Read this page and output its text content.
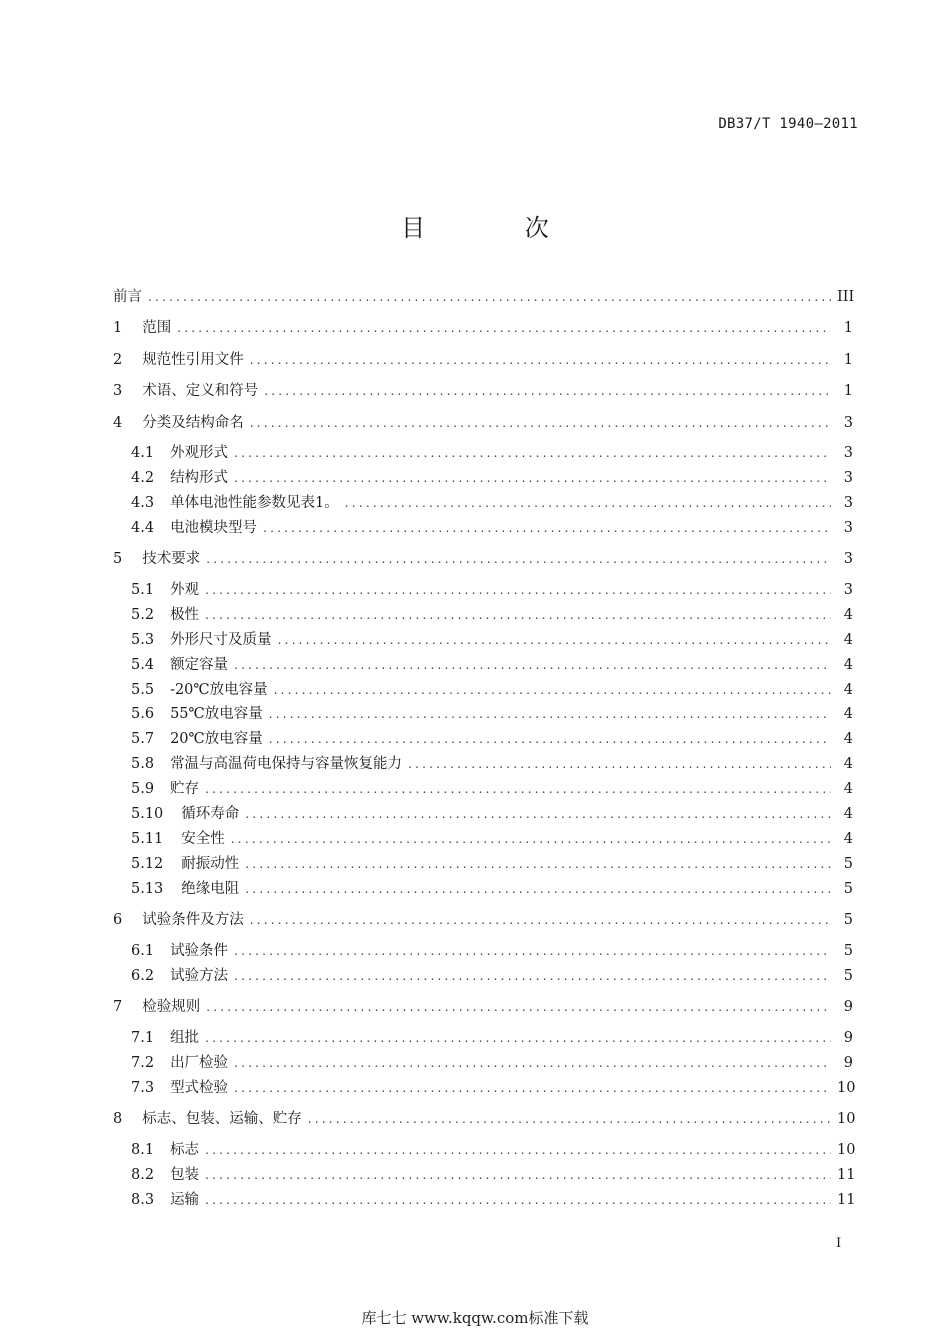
DB37/T 1940—2011
目 次
前言 .....	III
1 范围 .....	1
2 规范性引用文件 .....	1
3 术语、定义和符号 .....	1
4 分类及结构命名 .....	3
4.1 外观形式 .....	3
4.2 结构形式 .....	3
4.3 单体电池性能参数见表1。 .....	3
4.4 电池模块型号 .....	3
5 技术要求 .....	3
5.1 外观 .....	3
5.2 极性 .....	4
5.3 外形尺寸及质量 .....	4
5.4 额定容量 .....	4
5.5 -20℃放电容量 .....	4
5.6 55℃放电容量 .....	4
5.7 20℃放电容量 .....	4
5.8 常温与高温荷电保持与容量恢复能力 .....	4
5.9 贮存 .....	4
5.10 循环寿命 .....	4
5.11 安全性 .....	4
5.12 耐振动性 .....	5
5.13 绝缘电阻 .....	5
6 试验条件及方法 .....	5
6.1 试验条件 .....	5
6.2 试验方法 .....	5
7 检验规则 .....	9
7.1 组批 .....	9
7.2 出厂检验 .....	9
7.3 型式检验 .....	10
8 标志、包装、运输、贮存 .....	10
8.1 标志 .....	10
8.2 包装 .....	11
8.3 运输 .....	11
I
库七七 www.kqqw.com标准下载
